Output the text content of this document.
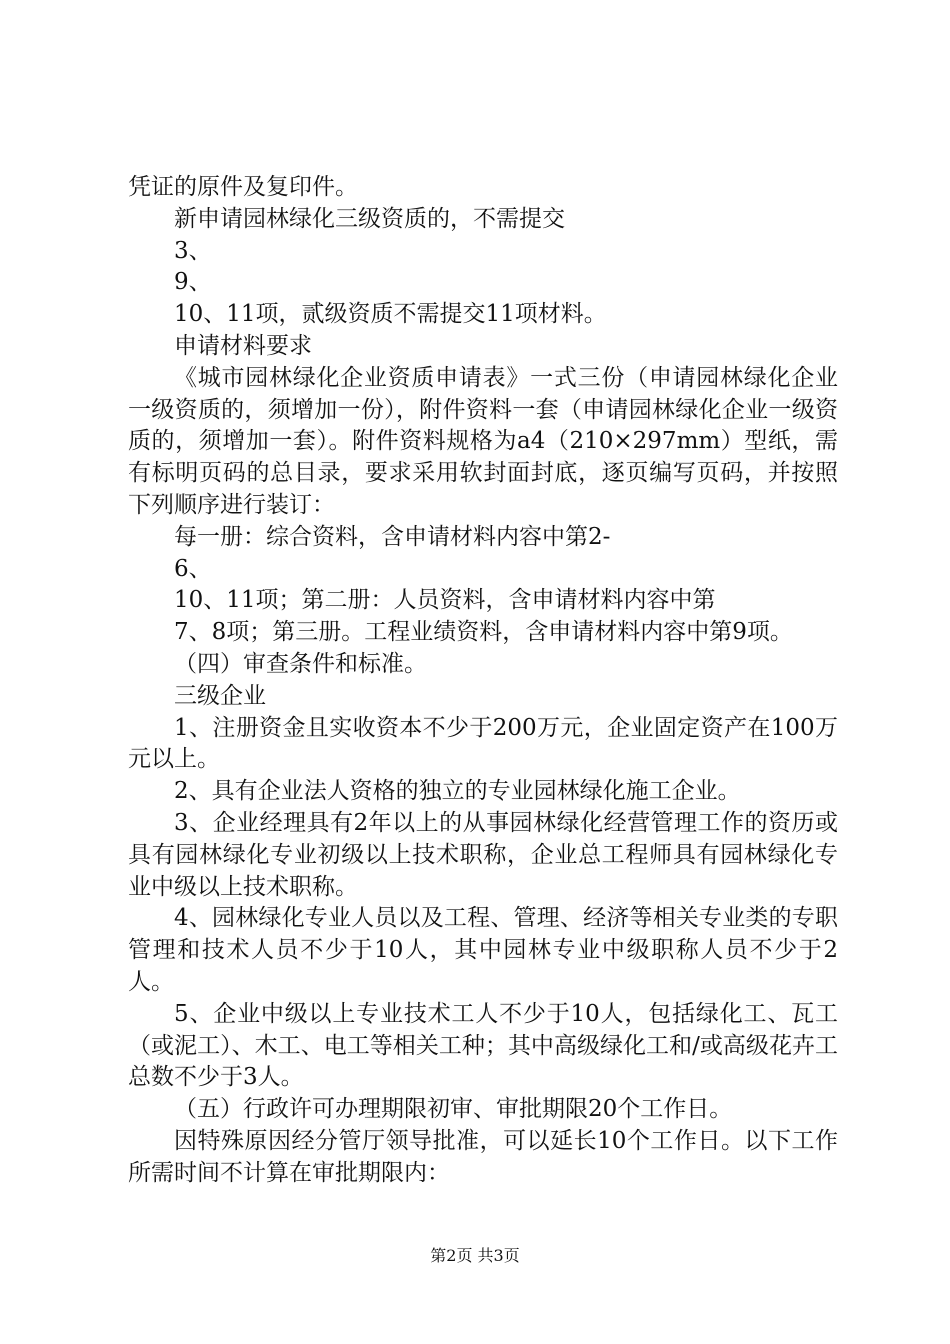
凭证的原件及复印件。

新申请园林绿化三级资质的，不需提交

3、

9、

10、11项，贰级资质不需提交11项材料。

申请材料要求

《城市园林绿化企业资质申请表》一式三份（申请园林绿化企业一级资质的，须增加一份），附件资料一套（申请园林绿化企业一级资质的，须增加一套）。附件资料规格为a4（210×297mm）型纸，需有标明页码的总目录，要求采用软封面封底，逐页编写页码，并按照下列顺序进行装订：

每一册：综合资料，含申请材料内容中第2-

6、

10、11项；第二册：人员资料，含申请材料内容中第

7、8项；第三册。工程业绩资料，含申请材料内容中第9项。

（四）审查条件和标准。

三级企业

1、注册资金且实收资本不少于200万元，企业固定资产在100万元以上。

2、具有企业法人资格的独立的专业园林绿化施工企业。

3、企业经理具有2年以上的从事园林绿化经营管理工作的资历或具有园林绿化专业初级以上技术职称，企业总工程师具有园林绿化专业中级以上技术职称。

4、园林绿化专业人员以及工程、管理、经济等相关专业类的专职管理和技术人员不少于10人，其中园林专业中级职称人员不少于2人。

5、企业中级以上专业技术工人不少于10人，包括绿化工、瓦工（或泥工）、木工、电工等相关工种；其中高级绿化工和/或高级花卉工总数不少于3人。

（五）行政许可办理期限初审、审批期限20个工作日。

因特殊原因经分管厅领导批准，可以延长10个工作日。以下工作所需时间不计算在审批期限内：

第2页 共3页
